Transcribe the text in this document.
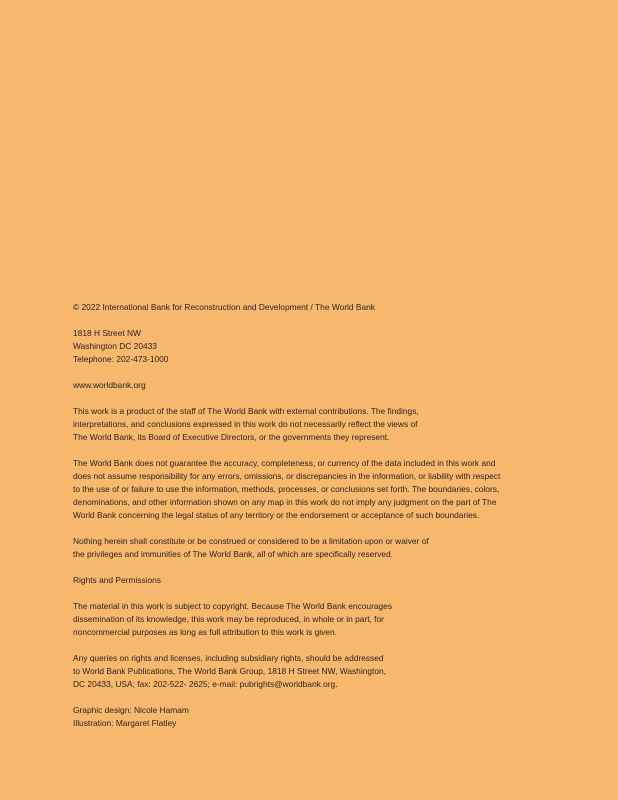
© 2022 International Bank for Reconstruction and Development / The World Bank
1818 H Street NW
Washington DC 20433
Telephone: 202-473-1000
www.worldbank.org
This work is a product of the staff of The World Bank with external contributions. The findings,
interpretations, and conclusions expressed in this work do not necessarily reflect the views of
The World Bank, its Board of Executive Directors, or the governments they represent.
The World Bank does not guarantee the accuracy, completeness, or currency of the data included in this work and
does not assume responsibility for any errors, omissions, or discrepancies in the information, or liability with respect
to the use of or failure to use the information, methods, processes, or conclusions set forth. The boundaries, colors,
denominations, and other information shown on any map in this work do not imply any judgment on the part of The
World Bank concerning the legal status of any territory or the endorsement or acceptance of such boundaries.
Nothing herein shall constitute or be construed or considered to be a limitation upon or waiver of
the privileges and immunities of The World Bank, all of which are specifically reserved.
Rights and Permissions
The material in this work is subject to copyright. Because The World Bank encourages
dissemination of its knowledge, this work may be reproduced, in whole or in part, for
noncommercial purposes as long as full attribution to this work is given.
Any queries on rights and licenses, including subsidiary rights, should be addressed
to World Bank Publications, The World Bank Group, 1818 H Street NW, Washington,
DC 20433, USA; fax: 202-522- 2625; e-mail: pubrights@worldbank.org.
Graphic design: Nicole Hamam
Illustration: Margaret Flatley
